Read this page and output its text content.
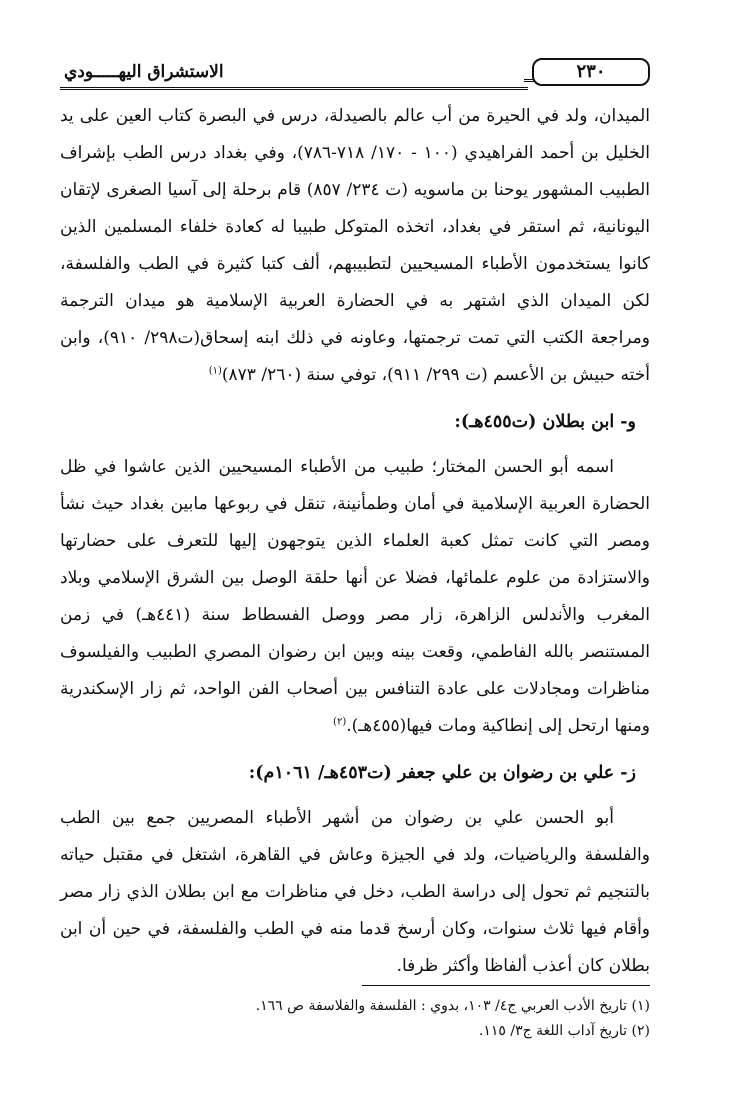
الاستشراق اليهـــــودي	٢٣٠

الميدان، ولد في الحيرة من أب عالم بالصيدلة، درس في البصرة كتاب العين على يد الخليل بن أحمد الفراهيدي (١٠٠ - ١٧٠/ ٧١٨-٧٨٦)، وفي بغداد درس الطب بإشراف الطبيب المشهور يوحنا بن ماسويه (ت ٢٣٤/ ٨٥٧) قام برحلة إلى آسيا الصغرى لإتقان اليونانية، ثم استقر في بغداد، اتخذه المتوكل طبيبا له كعادة خلفاء المسلمين الذين كانوا يستخدمون الأطباء المسيحيين لتطبيبهم، ألف كتبا كثيرة في الطب والفلسفة، لكن الميدان الذي اشتهر به في الحضارة العربية الإسلامية هو ميدان الترجمة ومراجعة الكتب التي تمت ترجمتها، وعاونه في ذلك ابنه إسحاق(ت٢٩٨/ ٩١٠)، وابن أخته حبيش بن الأعسم (ت ٢٩٩/ ٩١١)، توفي سنة (٢٦٠/ ٨٧٣)$^{(١)}$

و- ابن بطلان (ت٤٥٥هـ):

اسمه أبو الحسن المختار؛ طبيب من الأطباء المسيحيين الذين عاشوا في ظل الحضارة العربية الإسلامية في أمان وطمأنينة، تنقل في ربوعها مابين بغداد حيث نشأ ومصر التي كانت تمثل كعبة العلماء الذين يتوجهون إليها للتعرف على حضارتها والاستزادة من علوم علمائها، فضلا عن أنها حلقة الوصل بين الشرق الإسلامي وبلاد المغرب والأندلس الزاهرة، زار مصر ووصل الفسطاط سنة (٤٤١هـ) في زمن المستنصر بالله الفاطمي، وقعت بينه وبين ابن رضوان المصري الطبيب والفيلسوف مناظرات ومجادلات على عادة التنافس بين أصحاب الفن الواحد، ثم زار الإسكندرية ومنها ارتحل إلى إنطاكية ومات فيها(٤٥٥هـ).$^{(٢)}$

ز- علي بن رضوان بن علي جعفر (ت٤٥٣هـ/ ١٠٦١م):

أبو الحسن علي بن رضوان من أشهر الأطباء المصريين جمع بين الطب والفلسفة والرياضيات، ولد في الجيزة وعاش في القاهرة، اشتغل في مقتبل حياته بالتنجيم ثم تحول إلى دراسة الطب، دخل في مناظرات مع ابن بطلان الذي زار مصر وأقام فيها ثلاث سنوات، وكان أرسخ قدما منه في الطب والفلسفة، في حين أن ابن بطلان كان أعذب ألفاظا وأكثر ظرفا.

(١) تاريخ الأدب العربي ج٤/ ١٠٣، بدوي : الفلسفة والفلاسفة ص ١٦٦.

(٢) تاريخ آداب اللغة ج٣/ ١١٥.
